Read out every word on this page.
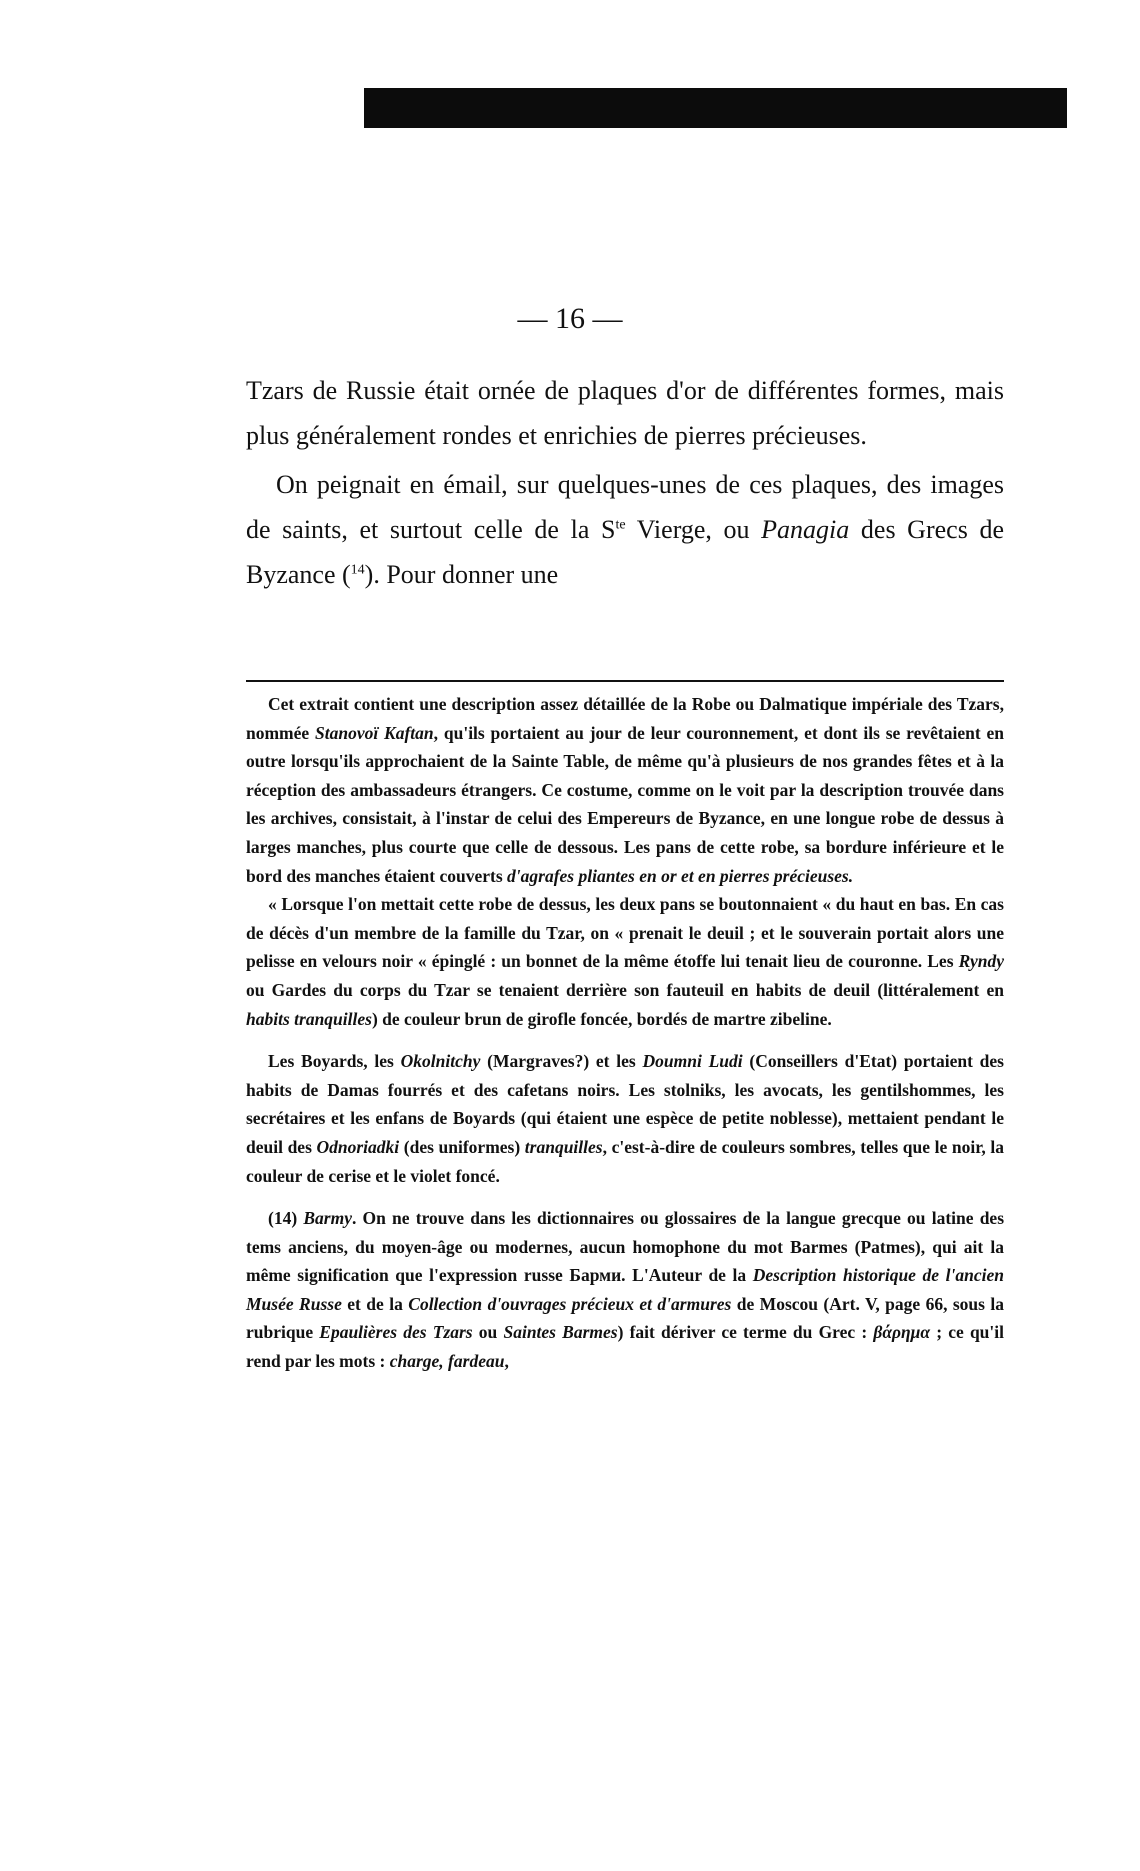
— 16 —

Tzars de Russie était ornée de plaques d'or de différentes formes, mais plus généralement rondes et enrichies de pierres précieuses.

On peignait en émail, sur quelques-unes de ces plaques, des images de saints, et surtout celle de la $S^{te}$ Vierge, ou Panagia des Grecs de Byzance ($^{14}$). Pour donner une

Cet extrait contient une description assez détaillée de la Robe ou Dalmatique impériale des Tzars, nommée Stanovoï Kaftan, qu'ils portaient au jour de leur couronnement, et dont ils se revêtaient en outre lorsqu'ils approchaient de la Sainte Table, de même qu'à plusieurs de nos grandes fêtes et à la réception des ambassadeurs étrangers. Ce costume, comme on le voit par la description trouvée dans les archives, consistait, à l'instar de celui des Empereurs de Byzance, en une longue robe de dessus à larges manches, plus courte que celle de dessous. Les pans de cette robe, sa bordure inférieure et le bord des manches étaient couverts d'agrafes pliantes en or et en pierres précieuses.

« Lorsque l'on mettait cette robe de dessus, les deux pans se boutonnaient « du haut en bas. En cas de décès d'un membre de la famille du Tzar, on « prenait le deuil ; et le souverain portait alors une pelisse en velours noir « épinglé : un bonnet de la même étoffe lui tenait lieu de couronne. Les Ryndy ou Gardes du corps du Tzar se tenaient derrière son fauteuil en habits de deuil (littéralement en habits tranquilles) de couleur brun de girofle foncée, bordés de martre zibeline.

Les Boyards, les Okolnitchy (Margraves?) et les Doumni Ludi (Conseillers d'Etat) portaient des habits de Damas fourrés et des cafetans noirs. Les stolniks, les avocats, les gentilshommes, les secrétaires et les enfans de Boyards (qui étaient une espèce de petite noblesse), mettaient pendant le deuil des Odnoriadki (des uniformes) tranquilles, c'est-à-dire de couleurs sombres, telles que le noir, la couleur de cerise et le violet foncé.

(14) Barmy. On ne trouve dans les dictionnaires ou glossaires de la langue grecque ou latine des tems anciens, du moyen-âge ou modernes, aucun homophone du mot Barmes (Patmes), qui ait la même signification que l'expression russe Барми. L'Auteur de la Description historique de l'ancien Musée Russe et de la Collection d'ouvrages précieux et d'armures de Moscou (Art. V, page 66, sous la rubrique Epaulières des Tzars ou Saintes Barmes) fait dériver ce terme du Grec : βάρημα ; ce qu'il rend par les mots : charge, fardeau,
